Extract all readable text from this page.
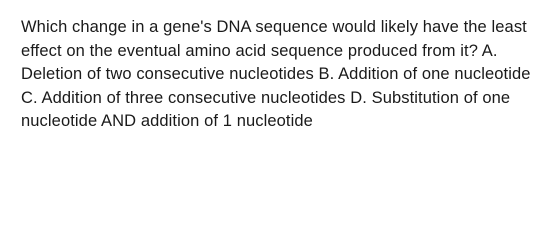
Which change in a gene's DNA sequence would likely have the least effect on the eventual amino acid sequence produced from it? A. Deletion of two consecutive nucleotides B. Addition of one nucleotide C. Addition of three consecutive nucleotides D. Substitution of one nucleotide AND addition of 1 nucleotide
